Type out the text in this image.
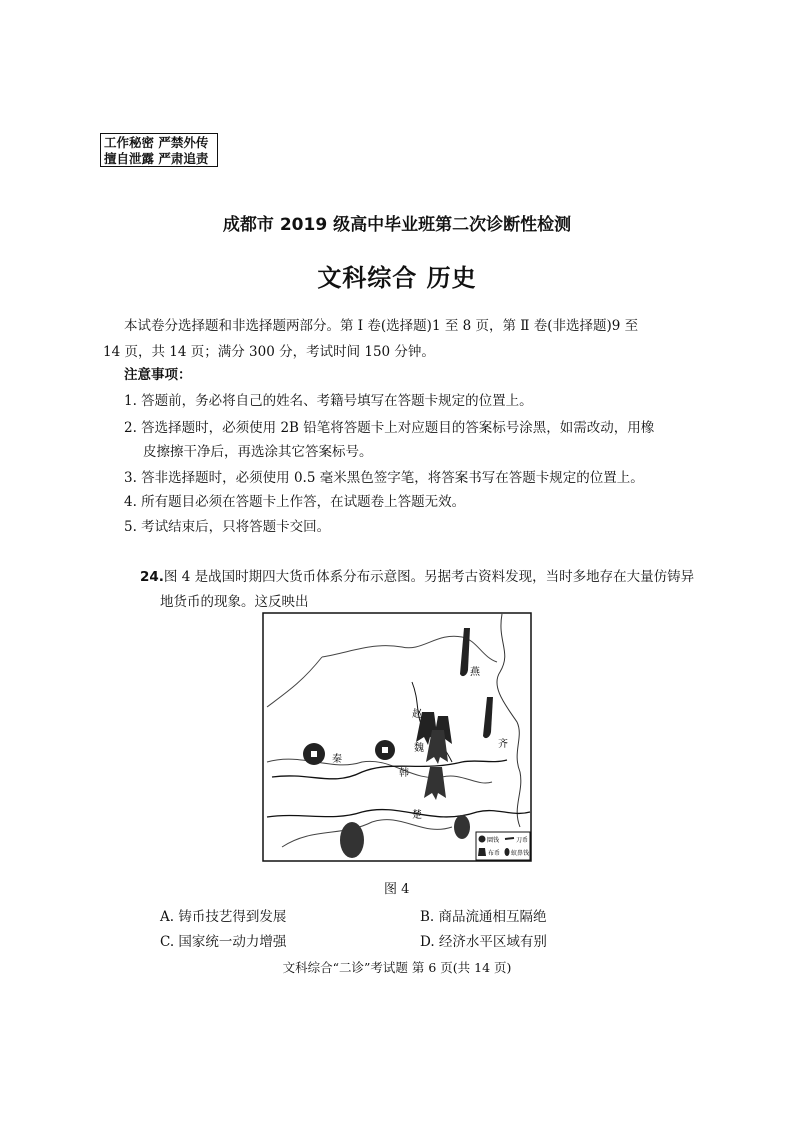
工作秘密 严禁外传
擅自泄露 严肃追责
成都市 2019 级高中毕业班第二次诊断性检测
文科综合 历史
本试卷分选择题和非选择题两部分。第 Ⅰ 卷(选择题)1 至 8 页，第 Ⅱ 卷(非选择题)9 至
14 页，共 14 页；满分 300 分，考试时间 150 分钟。
注意事项：
1. 答题前，务必将自己的姓名、考籍号填写在答题卡规定的位置上。
2. 答选择题时，必须使用 2B 铅笔将答题卡上对应题目的答案标号涂黑，如需改动，用橡
皮擦擦干净后，再选涂其它答案标号。
3. 答非选择题时，必须使用 0.5 毫米黑色签字笔，将答案书写在答题卡规定的位置上。
4. 所有题目必须在答题卡上作答，在试题卷上答题无效。
5. 考试结束后，只将答题卡交回。
24.图 4 是战国时期四大货币体系分布示意图。另据考古资料发现，当时多地存在大量仿铸异
地货币的现象。这反映出
燕
赵
齐
秦
魏
韩
楚
圜钱	刀币
布币 蚁鼻钱
图 4
A. 铸币技艺得到发展	B. 商品流通相互隔绝
C. 国家统一动力增强	D. 经济水平区域有别
文科综合“二诊”考试题 第 6 页(共 14 页)
